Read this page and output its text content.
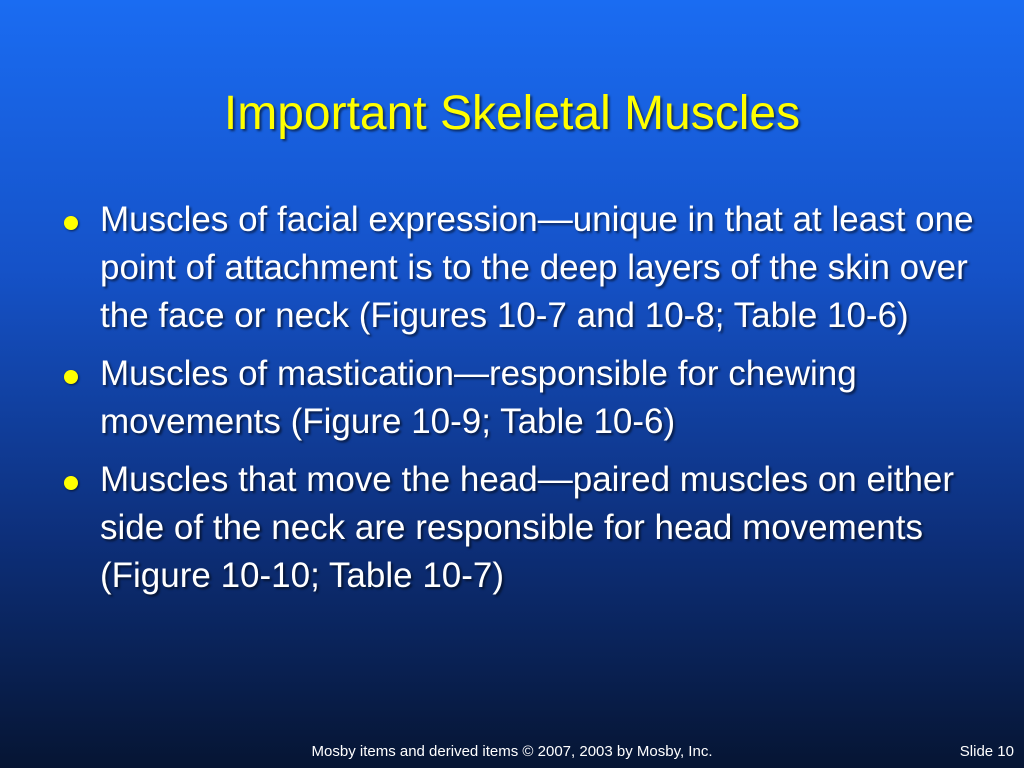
Important Skeletal Muscles
Muscles of facial expression—unique in that at least one point of attachment is to the deep layers of the skin over the face or neck (Figures 10-7 and 10-8; Table 10-6)
Muscles of mastication—responsible for chewing movements (Figure 10-9; Table 10-6)
Muscles that move the head—paired muscles on either side of the neck are responsible for head movements (Figure 10-10; Table 10-7)
Mosby items and derived items © 2007, 2003 by Mosby, Inc.	Slide 10
